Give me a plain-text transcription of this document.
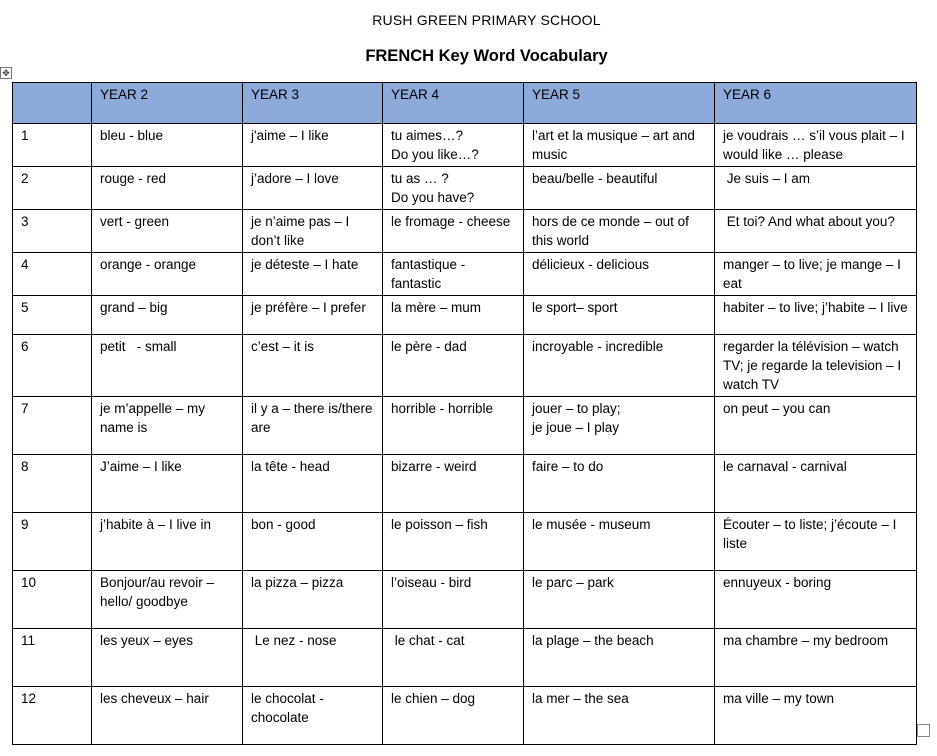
RUSH GREEN PRIMARY SCHOOL
FRENCH Key Word Vocabulary
✥
	YEAR 2	YEAR 3	YEAR 4	YEAR 5	YEAR 6
1	bleu - blue	j'aime – I like	tu aimes…?
Do you like…?	l’art et la musique – art and music	je voudrais … s’il vous plait – I would like … please

2	rouge - red	j’adore – I love	tu as … ?
Do you have?	beau/belle - beautiful	Je suis – I am

3	vert - green	je n’aime pas – I don’t like	le fromage - cheese	hors de ce monde – out of this world	Et toi? And what about you?

4	orange - orange	je déteste – I hate	fantastique - fantastic	délicieux - delicious	manger – to live; je mange – I eat

5	grand – big	je préfère – I prefer	la mère – mum	le sport– sport	habiter – to live; j’habite – I live

6	petit   - small	c’est – it is	le père - dad	incroyable - incredible	regarder la télévision – watch TV; je regarde la television – I watch TV

7	je m’appelle – my name is	il y a – there is/there are	horrible - horrible	jouer – to play;
je joue – I play	on peut – you can

8	J’aime – I like	la tête - head	bizarre - weird	faire – to do	le carnaval - carnival

9	j’habite à – I live in	bon - good	le poisson – fish	le musée - museum	Écouter – to liste; j’écoute – I liste

10	Bonjour/au revoir – hello/ goodbye	la pizza – pizza	l’oiseau - bird	le parc – park	ennuyeux - boring

11	les yeux – eyes	Le nez - nose	le chat - cat	la plage – the beach	ma chambre – my bedroom

12	les cheveux – hair	le chocolat - chocolate	le chien – dog	la mer – the sea	ma ville – my town
